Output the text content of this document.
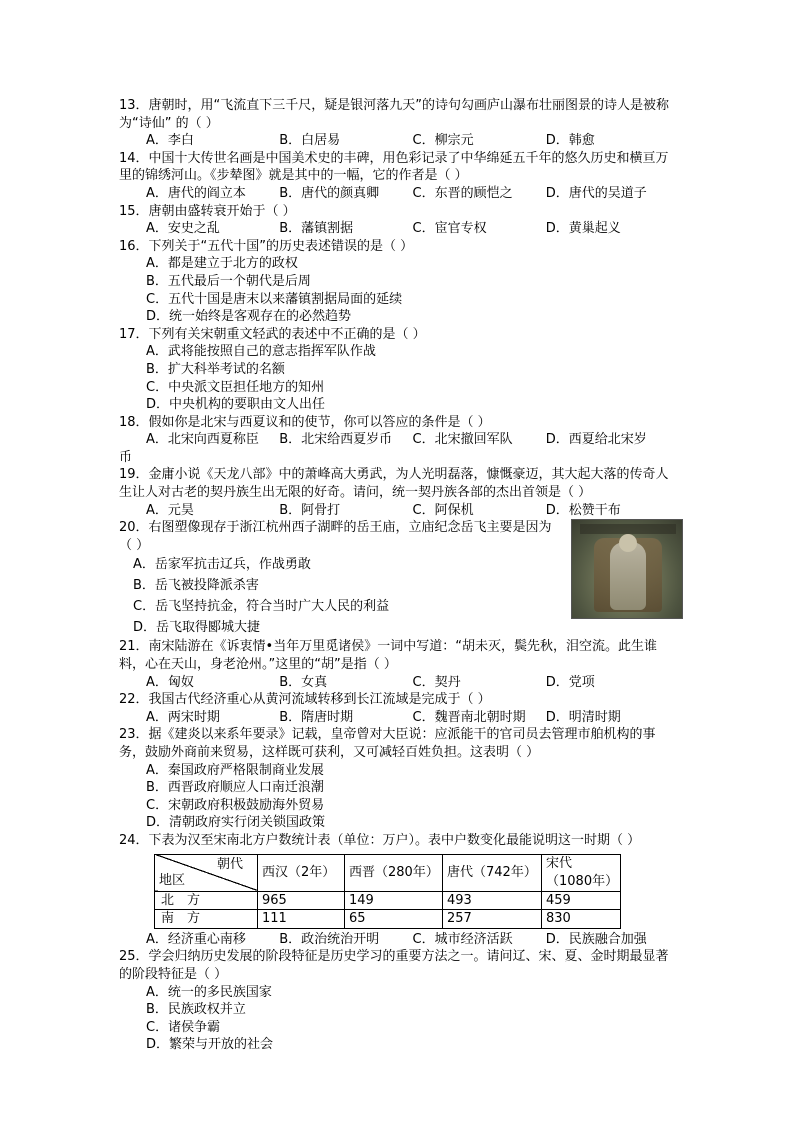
13．唐朝时，用“飞流直下三千尺，疑是银河落九天”的诗句勾画庐山瀑布壮丽图景的诗人是被称为“诗仙” 的（ ）
A．李白	B．白居易	C．柳宗元	D．韩愈
14．中国十大传世名画是中国美术史的丰碑，用色彩记录了中华绵延五千年的悠久历史和横亘万里的锦绣河山。《步辇图》就是其中的一幅，它的作者是（ ）
A．唐代的阎立本	B．唐代的颜真卿	C．东晋的顾恺之	D．唐代的吴道子
15．唐朝由盛转衰开始于（ ）
A．安史之乱	B．藩镇割据	C．宦官专权	D．黄巢起义
16．下列关于“五代十国”的历史表述错误的是（ ）
A．都是建立于北方的政权
B．五代最后一个朝代是后周
C．五代十国是唐末以来藩镇割据局面的延续
D．统一始终是客观存在的必然趋势
17．下列有关宋朝重文轻武的表述中不正确的是（ ）
A．武将能按照自己的意志指挥军队作战
B．扩大科举考试的名额
C．中央派文臣担任地方的知州
D．中央机构的要职由文人出任
18．假如你是北宋与西夏议和的使节，你可以答应的条件是（ ）
A．北宋向西夏称臣	B．北宋给西夏岁币	C．北宋撤回军队	D．西夏给北宋岁
币
19．金庸小说《天龙八部》中的萧峰高大勇武，为人光明磊落，慷慨豪迈，其大起大落的传奇人生让人对古老的契丹族生出无限的好奇。请问，统一契丹族各部的杰出首领是（ ）
A．元昊	B．阿骨打	C．阿保机	D．松赞干布
20．右图塑像现存于浙江杭州西子湖畔的岳王庙，立庙纪念岳飞主要是因为（ ）
A．岳家军抗击辽兵，作战勇敢
B．岳飞被投降派杀害
C．岳飞坚持抗金，符合当时广大人民的利益
D．岳飞取得郾城大捷
21．南宋陆游在《诉衷情•当年万里觅诸侯》一词中写道：“胡未灭，鬓先秋，泪空流。此生谁料，心在天山，身老沧州。”这里的“胡”是指（ ）
A．匈奴	B．女真	C．契丹	D．党项
22．我国古代经济重心从黄河流域转移到长江流域是完成于（ ）
A．两宋时期	B．隋唐时期	C．魏晋南北朝时期	D．明清时期
23．据《建炎以来系年要录》记载，皇帝曾对大臣说：应派能干的官司员去管理市舶机构的事务，鼓励外商前来贸易，这样既可获利，又可减轻百姓负担。这表明（ ）
A．秦国政府严格限制商业发展
B．西晋政府顺应人口南迁浪潮
C．宋朝政府积极鼓励海外贸易
D．清朝政府实行闭关锁国政策
24．下表为汉至宋南北方户数统计表（单位：万户）。表中户数变化最能说明这一时期（ ）
朝代
地区	西汉（2年）	西晋（280年）	唐代（742年）	宋代（1080年）
北　方	965	149	493	459
南　方	111	65	257	830
A．经济重心南移	B．政治统治开明	C．城市经济活跃	D．民族融合加强
25．学会归纳历史发展的阶段特征是历史学习的重要方法之一。请问辽、宋、夏、金时期最显著的阶段特征是（ ）
A．统一的多民族国家
B．民族政权并立
C．诸侯争霸
D．繁荣与开放的社会
